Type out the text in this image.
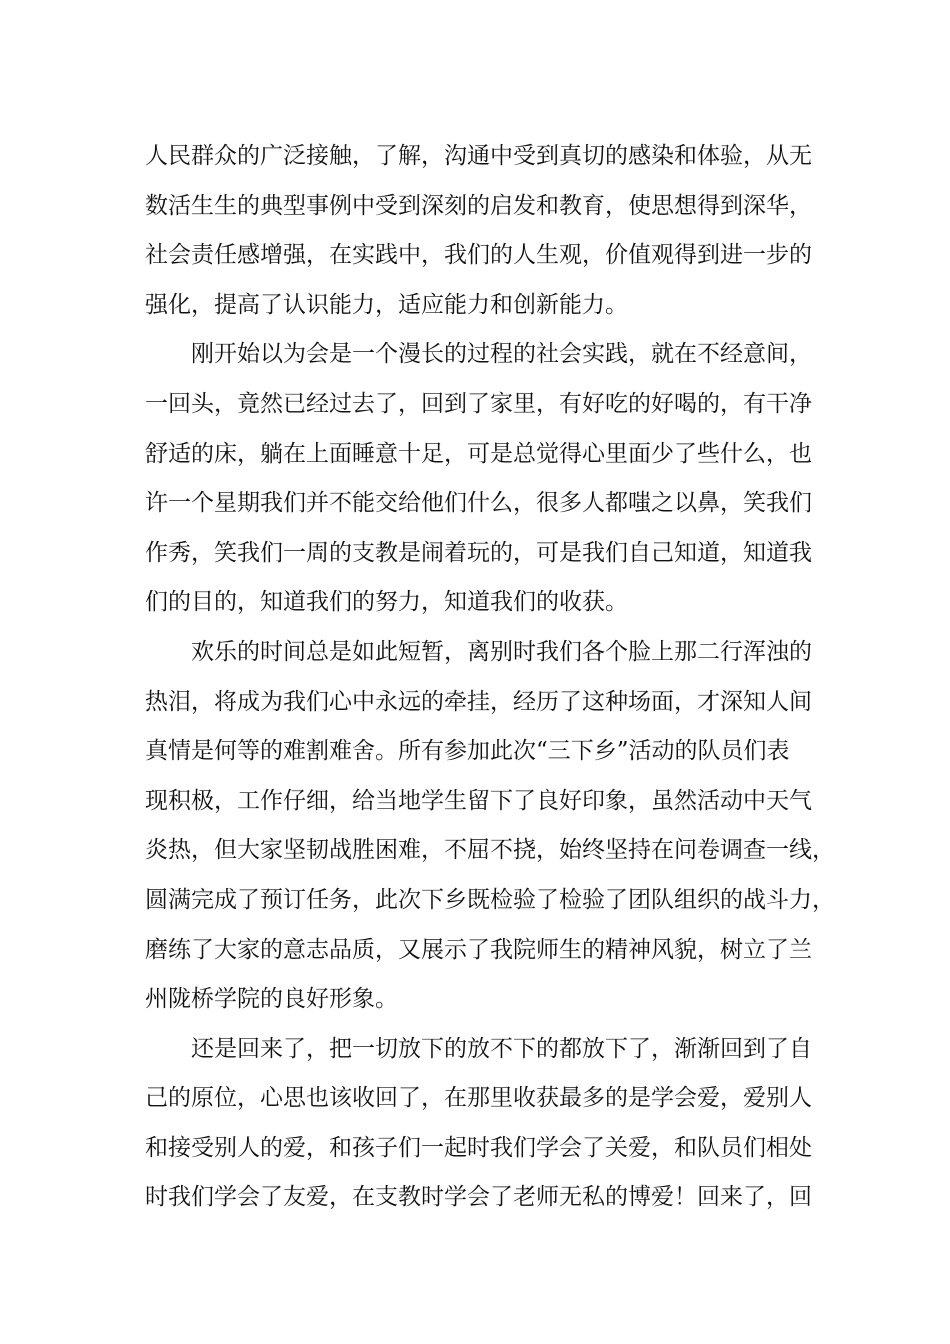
人民群众的广泛接触，了解，沟通中受到真切的感染和体验，从无
数活生生的典型事例中受到深刻的启发和教育，使思想得到深华，
社会责任感增强，在实践中，我们的人生观，价值观得到进一步的
强化，提高了认识能力，适应能力和创新能力。
刚开始以为会是一个漫长的过程的社会实践，就在不经意间，
一回头，竟然已经过去了，回到了家里，有好吃的好喝的，有干净
舒适的床，躺在上面睡意十足，可是总觉得心里面少了些什么，也
许一个星期我们并不能交给他们什么，很多人都嗤之以鼻，笑我们
作秀，笑我们一周的支教是闹着玩的，可是我们自己知道，知道我
们的目的，知道我们的努力，知道我们的收获。
欢乐的时间总是如此短暂，离别时我们各个脸上那二行浑浊的
热泪，将成为我们心中永远的牵挂，经历了这种场面，才深知人间
真情是何等的难割难舍。所有参加此次“三下乡”活动的队员们表
现积极，工作仔细，给当地学生留下了良好印象，虽然活动中天气
炎热，但大家坚韧战胜困难，不屈不挠，始终坚持在问卷调查一线，
圆满完成了预订任务，此次下乡既检验了检验了团队组织的战斗力，
磨练了大家的意志品质，又展示了我院师生的精神风貌，树立了兰
州陇桥学院的良好形象。
还是回来了，把一切放下的放不下的都放下了，渐渐回到了自
己的原位，心思也该收回了，在那里收获最多的是学会爱，爱别人
和接受别人的爱，和孩子们一起时我们学会了关爱，和队员们相处
时我们学会了友爱，在支教时学会了老师无私的博爱！回来了，回
